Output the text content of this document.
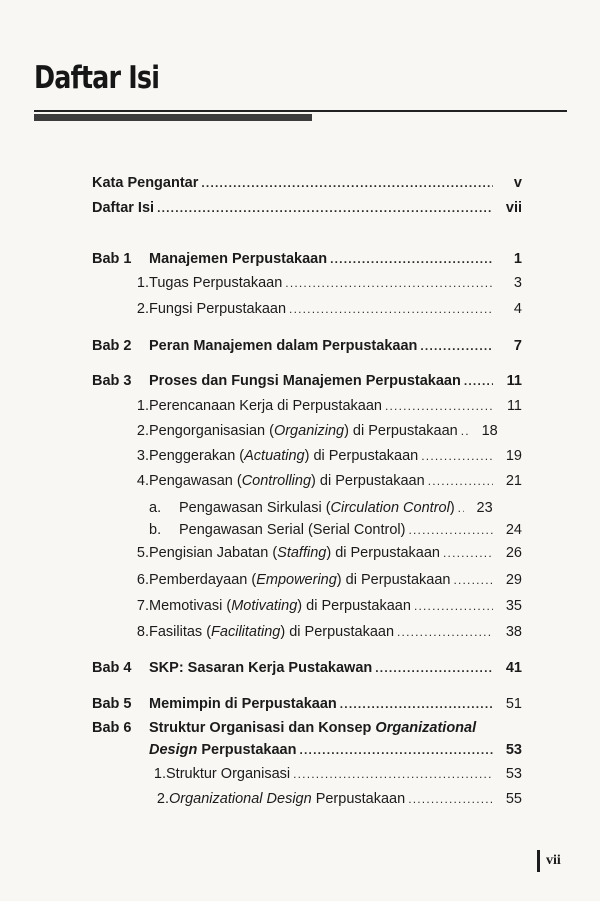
Daftar Isi
Kata Pengantar .....	v
Daftar Isi .....	vii
Bab 1	Manajemen Perpustakaan .....	1
1. Tugas Perpustakaan .....	3
2. Fungsi Perpustakaan .....	4
Bab 2	Peran Manajemen dalam Perpustakaan .....	7
Bab 3	Proses dan Fungsi Manajemen Perpustakaan .....	11
1. Perencanaan Kerja di Perpustakaan .....	11
2. Pengorganisasian (Organizing) di Perpustakaan .....	18
3. Penggerakan (Actuating) di Perpustakaan .....	19
4. Pengawasan (Controlling) di Perpustakaan .....	21
a.	Pengawasan Sirkulasi (Circulation Control) .....	23
b.	Pengawasan Serial (Serial Control) .....	24
5. Pengisian Jabatan (Staffing) di Perpustakaan .....	26
6. Pemberdayaan (Empowering) di Perpustakaan .....	29
7. Memotivasi (Motivating) di Perpustakaan .....	35
8. Fasilitas (Facilitating) di Perpustakaan .....	38
Bab 4	SKP: Sasaran Kerja Pustakawan .....	41
Bab 5	Memimpin di Perpustakaan .....	51
Bab 6 Struktur Organisasi dan Konsep Organizational
Design Perpustakaan .....	53
1. Struktur Organisasi .....	53
2. Organizational Design Perpustakaan .....	55
vii
